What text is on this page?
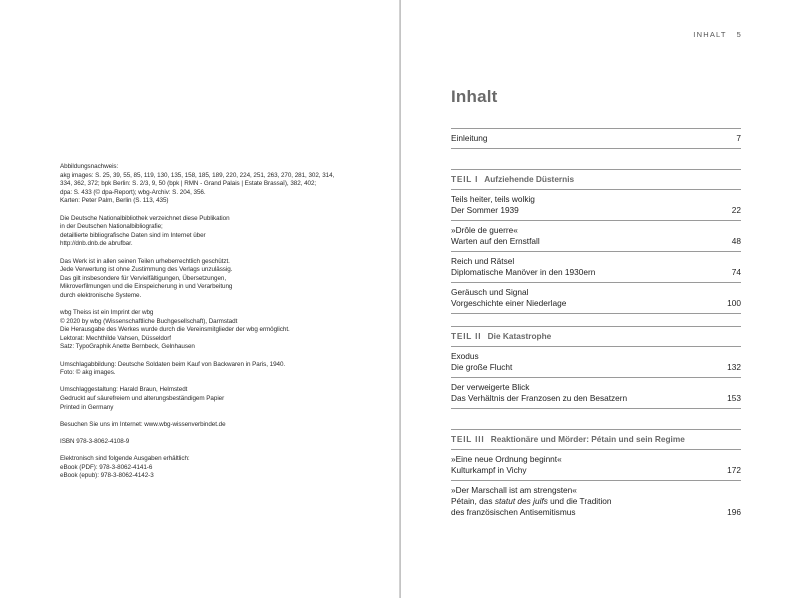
Abbildungsnachweis:
akg images: S. 25, 39, 55, 85, 119, 130, 135, 158, 185, 189, 220, 224, 251, 263, 270, 281, 302, 314,
334, 362, 372; bpk Berlin: S. 2/3, 9, 50 (bpk | RMN - Grand Palais | Estate Brassaï), 382, 402;
dpa: S. 433 (© dpa-Report); wbg-Archiv: S. 204, 356.
Karten: Peter Palm, Berlin (S. 113, 435)
Die Deutsche Nationalbibliothek verzeichnet diese Publikation
in der Deutschen Nationalbibliografie;
detaillierte bibliografische Daten sind im Internet über
http://dnb.dnb.de abrufbar.
Das Werk ist in allen seinen Teilen urheberrechtlich geschützt.
Jede Verwertung ist ohne Zustimmung des Verlags unzulässig.
Das gilt insbesondere für Vervielfältigungen, Übersetzungen,
Mikroverfilmungen und die Einspeicherung in und Verarbeitung
durch elektronische Systeme.
wbg Theiss ist ein Imprint der wbg
© 2020 by wbg (Wissenschaftliche Buchgesellschaft), Darmstadt
Die Herausgabe des Werkes wurde durch die Vereinsmitglieder der wbg ermöglicht.
Lektorat: Mechthilde Vahsen, Düsseldorf
Satz: TypoGraphik Anette Bernbeck, Gelnhausen
Umschlagabbildung: Deutsche Soldaten beim Kauf von Backwaren in Paris, 1940.
Foto: © akg images.
Umschlaggestaltung: Harald Braun, Helmstedt
Gedruckt auf säurefreiem und alterungsbeständigem Papier
Printed in Germany
Besuchen Sie uns im Internet: www.wbg-wissenverbindet.de
ISBN 978-3-8062-4108-9
Elektronisch sind folgende Ausgaben erhältlich:
eBook (PDF): 978-3-8062-4141-6
eBook (epub): 978-3-8062-4142-3
INHALT 5
Inhalt
Einleitung	7
TEIL I Aufziehende Düsternis
Teils heiter, teils wolkig
Der Sommer 1939	22
»Drôle de guerre«
Warten auf den Ernstfall	48
Reich und Rätsel
Diplomatische Manöver in den 1930ern	74
Geräusch und Signal
Vorgeschichte einer Niederlage	100
TEIL II Die Katastrophe
Exodus
Die große Flucht	132
Der verweigerte Blick
Das Verhältnis der Franzosen zu den Besatzern	153
TEIL III Reaktionäre und Mörder: Pétain und sein Regime
»Eine neue Ordnung beginnt«
Kulturkampf in Vichy	172
»Der Marschall ist am strengsten«
Pétain, das statut des juifs und die Tradition
des französischen Antisemitismus	196
